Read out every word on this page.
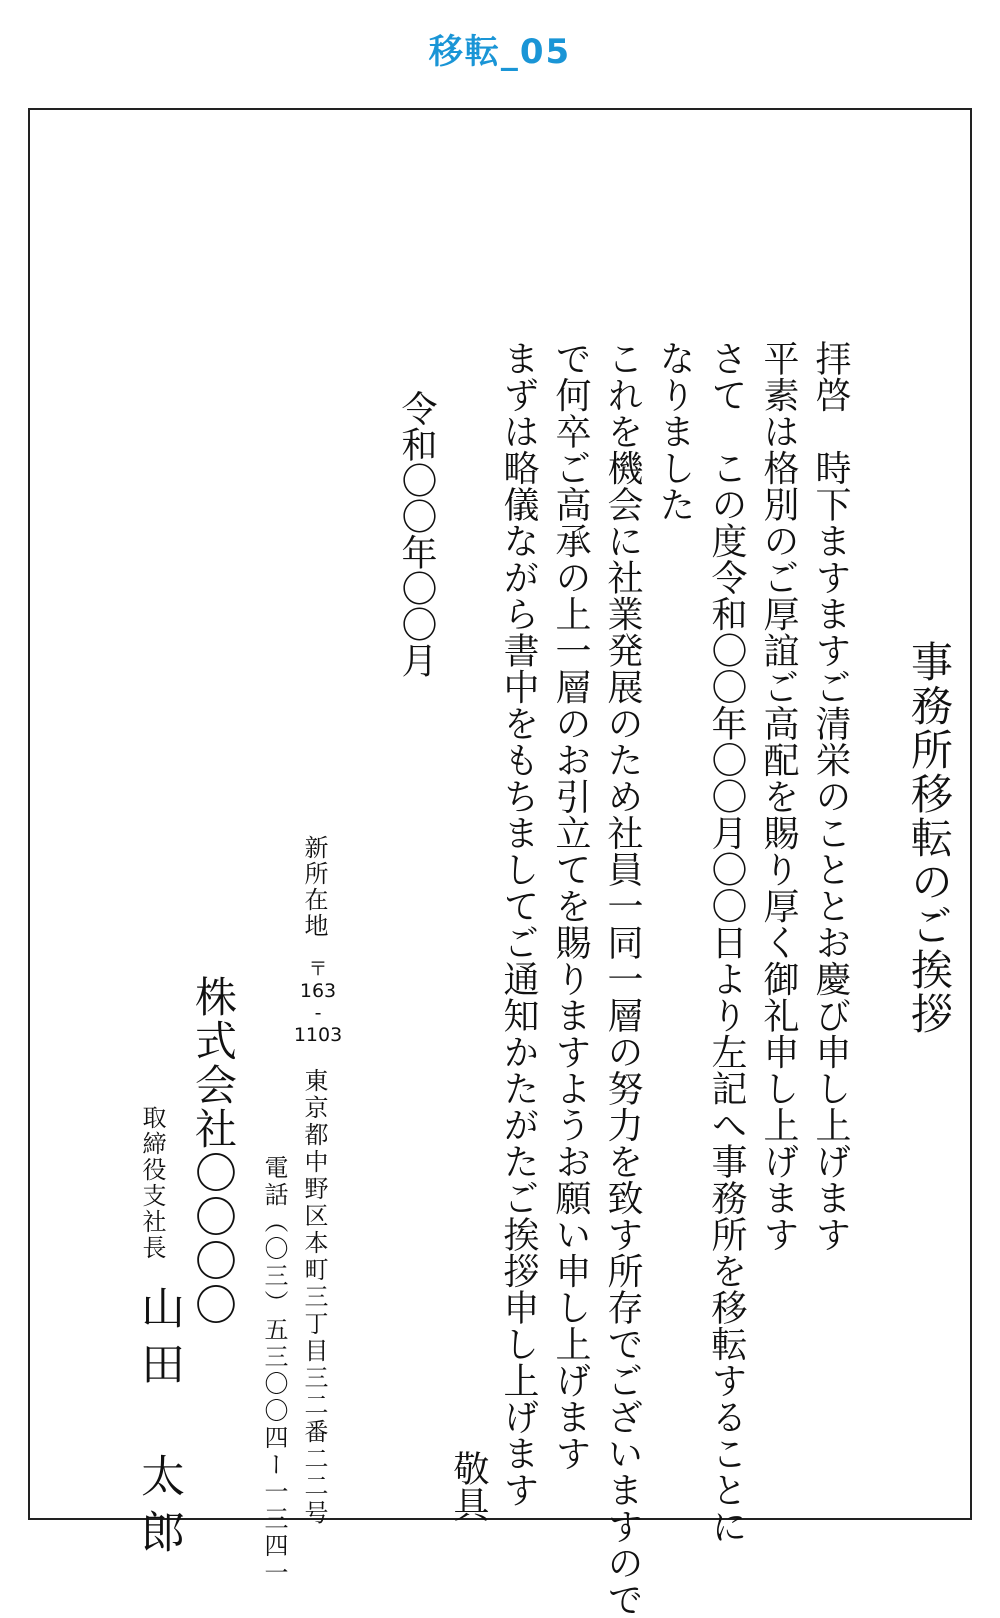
移転_05
事務所移転のご挨拶
拝啓　時下ますますご清栄のこととお慶び申し上げます
平素は格別のご厚誼ご高配を賜り厚く御礼申し上げます
さて　この度令和〇〇年〇〇月〇〇日より左記へ事務所を移転することに
なりました
これを機会に社業発展のため社員一同一層の努力を致す所存でございますので
で何卒ご高承の上一層のお引立てを賜りますようお願い申し上げます
まずは略儀ながら書中をもちましてご通知かたがたご挨拶申し上げます
敬具
令和〇〇年〇〇月
新所在地
〒
163
-
1103
東京都中野区本町三丁目三二番二二号
電話（〇三）五三〇〇四ー一三四一
株式会社〇〇〇〇
取締役支社長
山田　太郎
